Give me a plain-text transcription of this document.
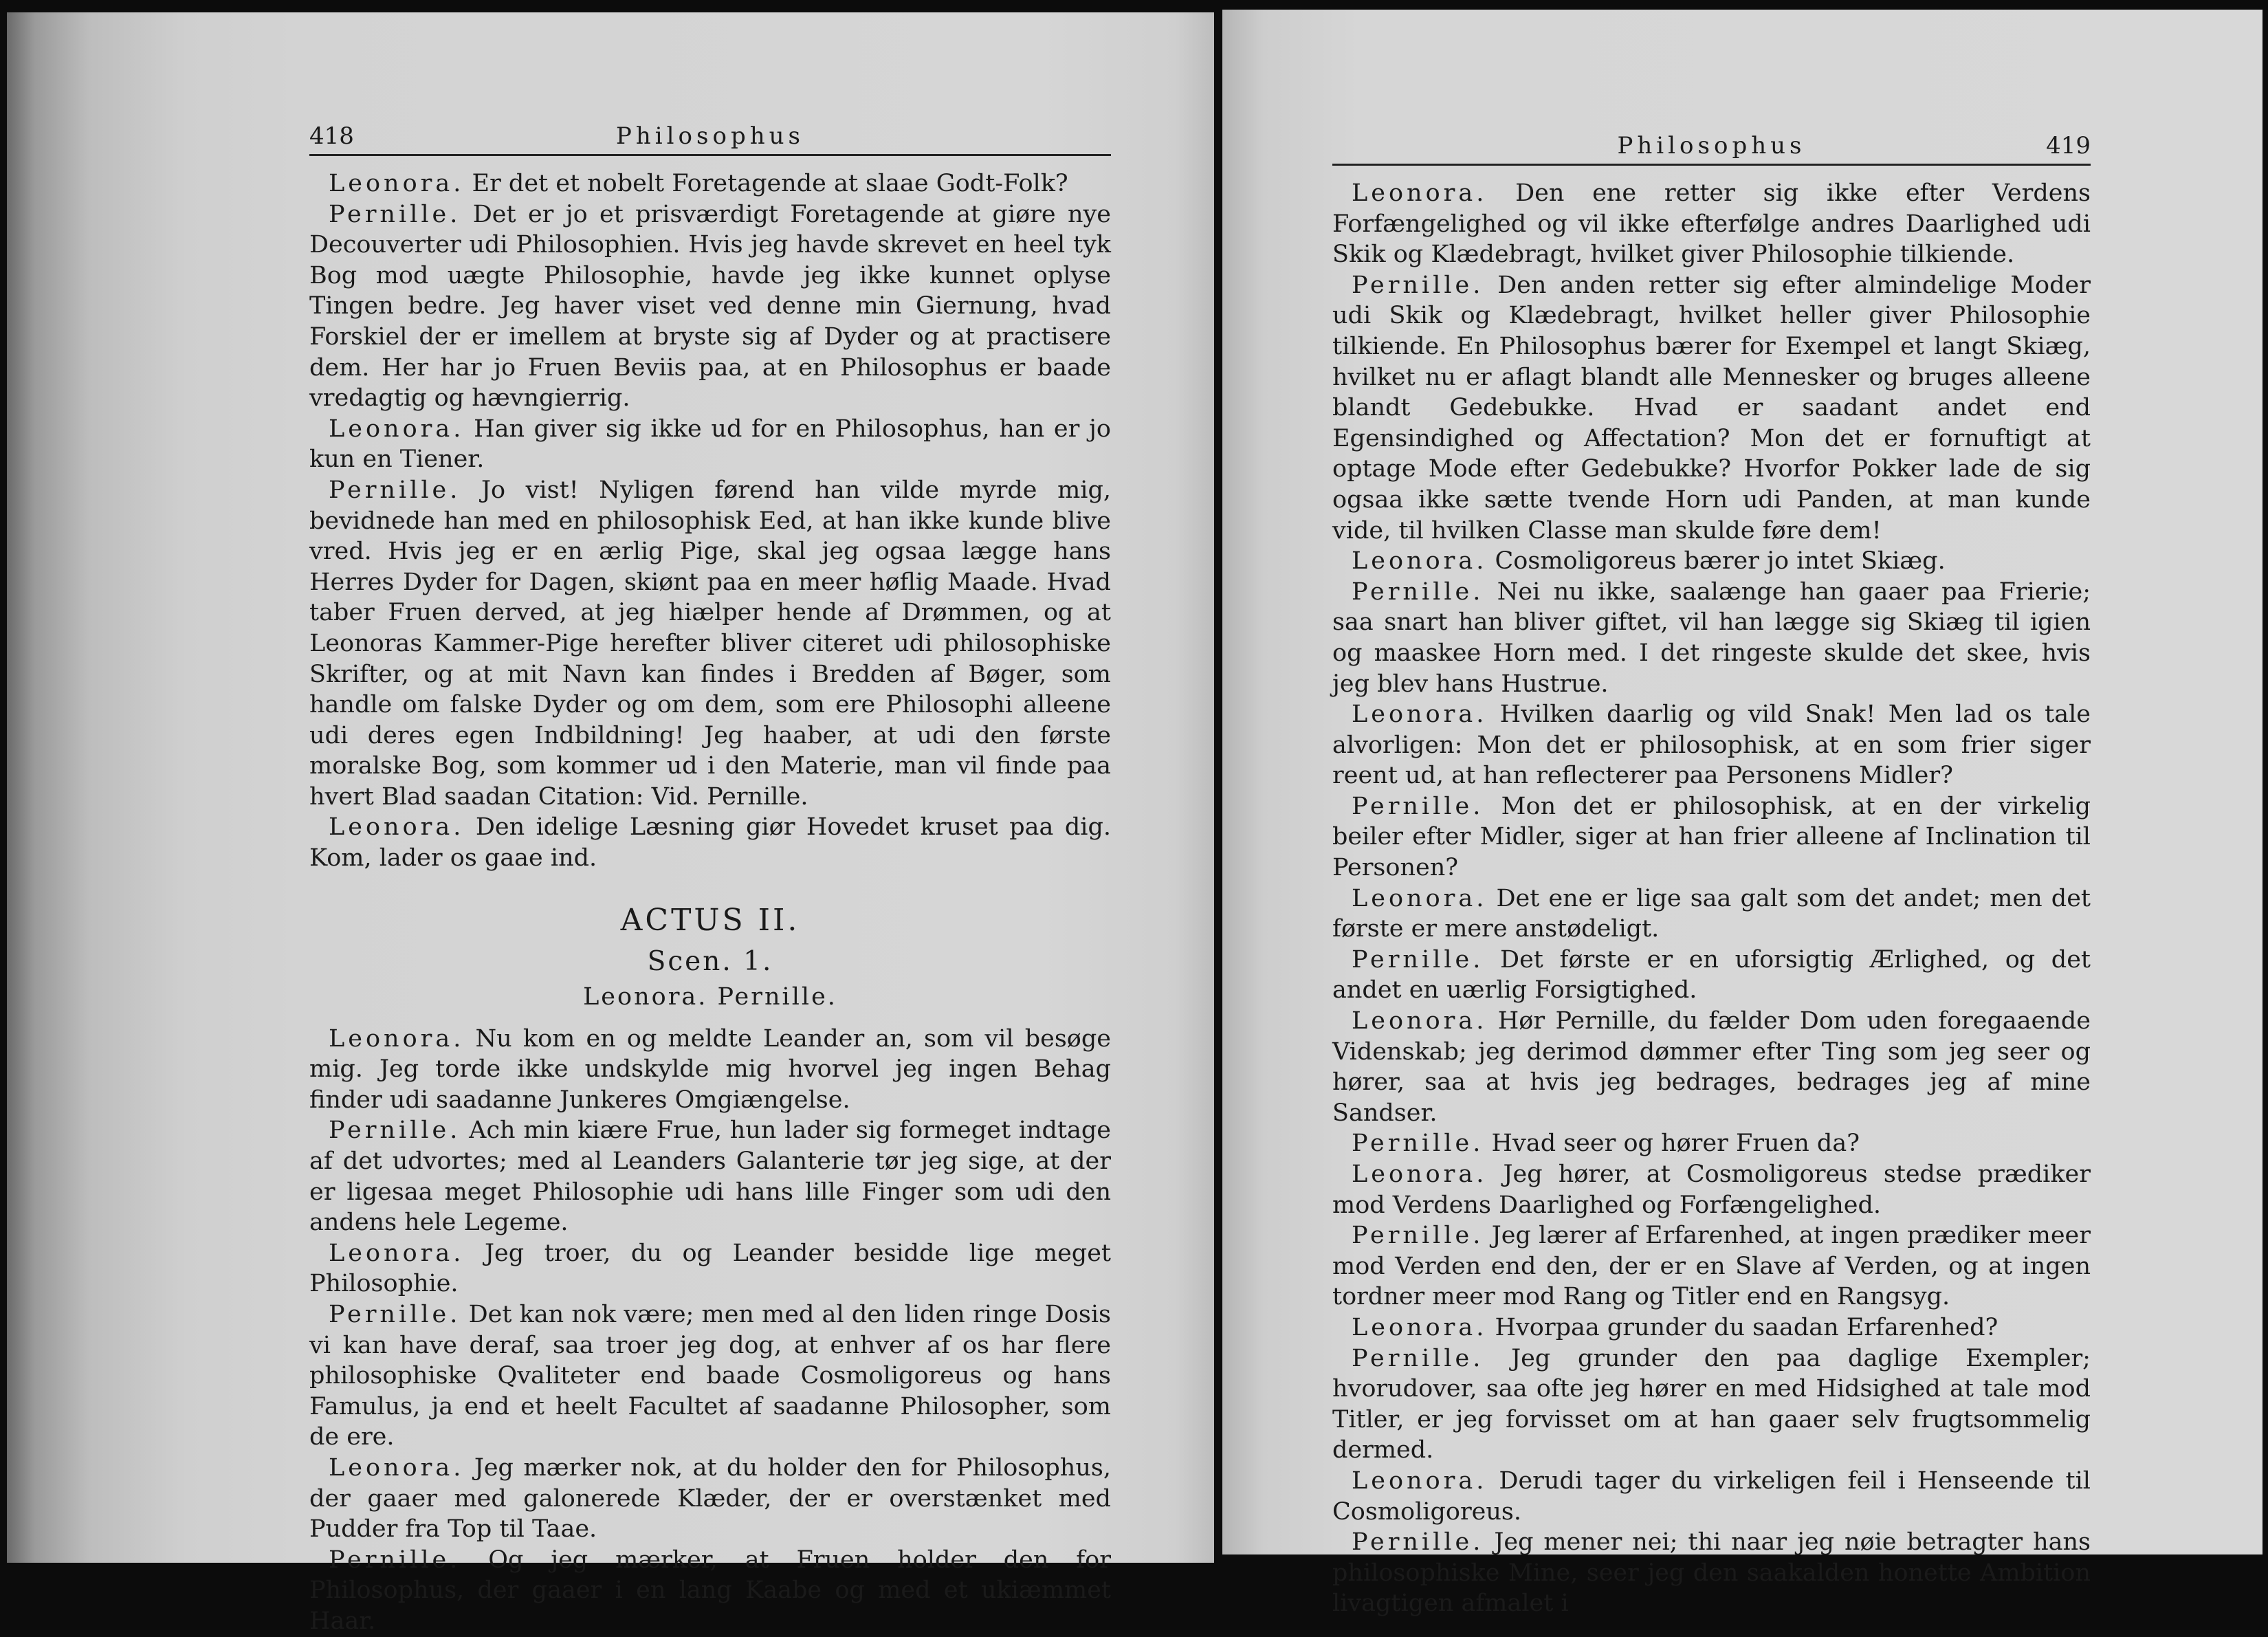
418	Philosophus

Leonora. Er det et nobelt Foretagende at slaae Godt-Folk?

Pernille. Det er jo et prisværdigt Foretagende at giøre nye Decouverter udi Philosophien. Hvis jeg havde skrevet en heel tyk Bog mod uægte Philosophie, havde jeg ikke kunnet oplyse Tingen bedre. Jeg haver viset ved denne min Giernung, hvad Forskiel der er imellem at bryste sig af Dyder og at practisere dem. Her har jo Fruen Beviis paa, at en Philosophus er baade vredagtig og hævngierrig.

Leonora. Han giver sig ikke ud for en Philosophus, han er jo kun en Tiener.

Pernille. Jo vist! Nyligen førend han vilde myrde mig, bevidnede han med en philosophisk Eed, at han ikke kunde blive vred. Hvis jeg er en ærlig Pige, skal jeg ogsaa lægge hans Herres Dyder for Dagen, skiønt paa en meer høflig Maade. Hvad taber Fruen derved, at jeg hiælper hende af Drømmen, og at Leonoras Kammer-Pige herefter bliver citeret udi philosophiske Skrifter, og at mit Navn kan findes i Bredden af Bøger, som handle om falske Dyder og om dem, som ere Philosophi alleene udi deres egen Indbildning! Jeg haaber, at udi den første moralske Bog, som kommer ud i den Materie, man vil finde paa hvert Blad saadan Citation: Vid. Pernille.

Leonora. Den idelige Læsning giør Hovedet kruset paa dig. Kom, lader os gaae ind.

ACTUS II.

Scen. 1.

Leonora. Pernille.

Leonora. Nu kom en og meldte Leander an, som vil besøge mig. Jeg torde ikke undskylde mig hvorvel jeg ingen Behag finder udi saadanne Junkeres Omgiængelse.

Pernille. Ach min kiære Frue, hun lader sig formeget indtage af det udvortes; med al Leanders Galanterie tør jeg sige, at der er ligesaa meget Philosophie udi hans lille Finger som udi den andens hele Legeme.

Leonora. Jeg troer, du og Leander besidde lige meget Philosophie.

Pernille. Det kan nok være; men med al den liden ringe Dosis vi kan have deraf, saa troer jeg dog, at enhver af os har flere philosophiske Qvaliteter end baade Cosmoligoreus og hans Famulus, ja end et heelt Facultet af saadanne Philosopher, som de ere.

Leonora. Jeg mærker nok, at du holder den for Philosophus, der gaaer med galonerede Klæder, der er overstænket med Pudder fra Top til Taae.

Pernille. Og jeg mærker, at Fruen holder den for Philosophus, der gaaer i en lang Kaabe og med et ukiæmmet Haar.

Philosophus	419

Leonora. Den ene retter sig ikke efter Verdens Forfængelighed og vil ikke efterfølge andres Daarlighed udi Skik og Klædebragt, hvilket giver Philosophie tilkiende.

Pernille. Den anden retter sig efter almindelige Moder udi Skik og Klædebragt, hvilket heller giver Philosophie tilkiende. En Philosophus bærer for Exempel et langt Skiæg, hvilket nu er aflagt blandt alle Mennesker og bruges alleene blandt Gedebukke. Hvad er saadant andet end Egensindighed og Affectation? Mon det er fornuftigt at optage Mode efter Gedebukke? Hvorfor Pokker lade de sig ogsaa ikke sætte tvende Horn udi Panden, at man kunde vide, til hvilken Classe man skulde føre dem!

Leonora. Cosmoligoreus bærer jo intet Skiæg.

Pernille. Nei nu ikke, saalænge han gaaer paa Frierie; saa snart han bliver giftet, vil han lægge sig Skiæg til igien og maaskee Horn med. I det ringeste skulde det skee, hvis jeg blev hans Hustrue.

Leonora. Hvilken daarlig og vild Snak! Men lad os tale alvorligen: Mon det er philosophisk, at en som frier siger reent ud, at han reflecterer paa Personens Midler?

Pernille. Mon det er philosophisk, at en der virkelig beiler efter Midler, siger at han frier alleene af Inclination til Personen?

Leonora. Det ene er lige saa galt som det andet; men det første er mere anstødeligt.

Pernille. Det første er en uforsigtig Ærlighed, og det andet en uærlig Forsigtighed.

Leonora. Hør Pernille, du fælder Dom uden foregaaende Videnskab; jeg derimod dømmer efter Ting som jeg seer og hører, saa at hvis jeg bedrages, bedrages jeg af mine Sandser.

Pernille. Hvad seer og hører Fruen da?

Leonora. Jeg hører, at Cosmoligoreus stedse prædiker mod Verdens Daarlighed og Forfængelighed.

Pernille. Jeg lærer af Erfarenhed, at ingen prædiker meer mod Verden end den, der er en Slave af Verden, og at ingen tordner meer mod Rang og Titler end en Rangsyg.

Leonora. Hvorpaa grunder du saadan Erfarenhed?

Pernille. Jeg grunder den paa daglige Exempler; hvorudover, saa ofte jeg hører en med Hidsighed at tale mod Titler, er jeg forvisset om at han gaaer selv frugtsommelig dermed.

Leonora. Derudi tager du virkeligen feil i Henseende til Cosmoligoreus.

Pernille. Jeg mener nei; thi naar jeg nøie betragter hans philosophiske Mine, seer jeg den saakalden honette Ambition livagtigen afmalet i
